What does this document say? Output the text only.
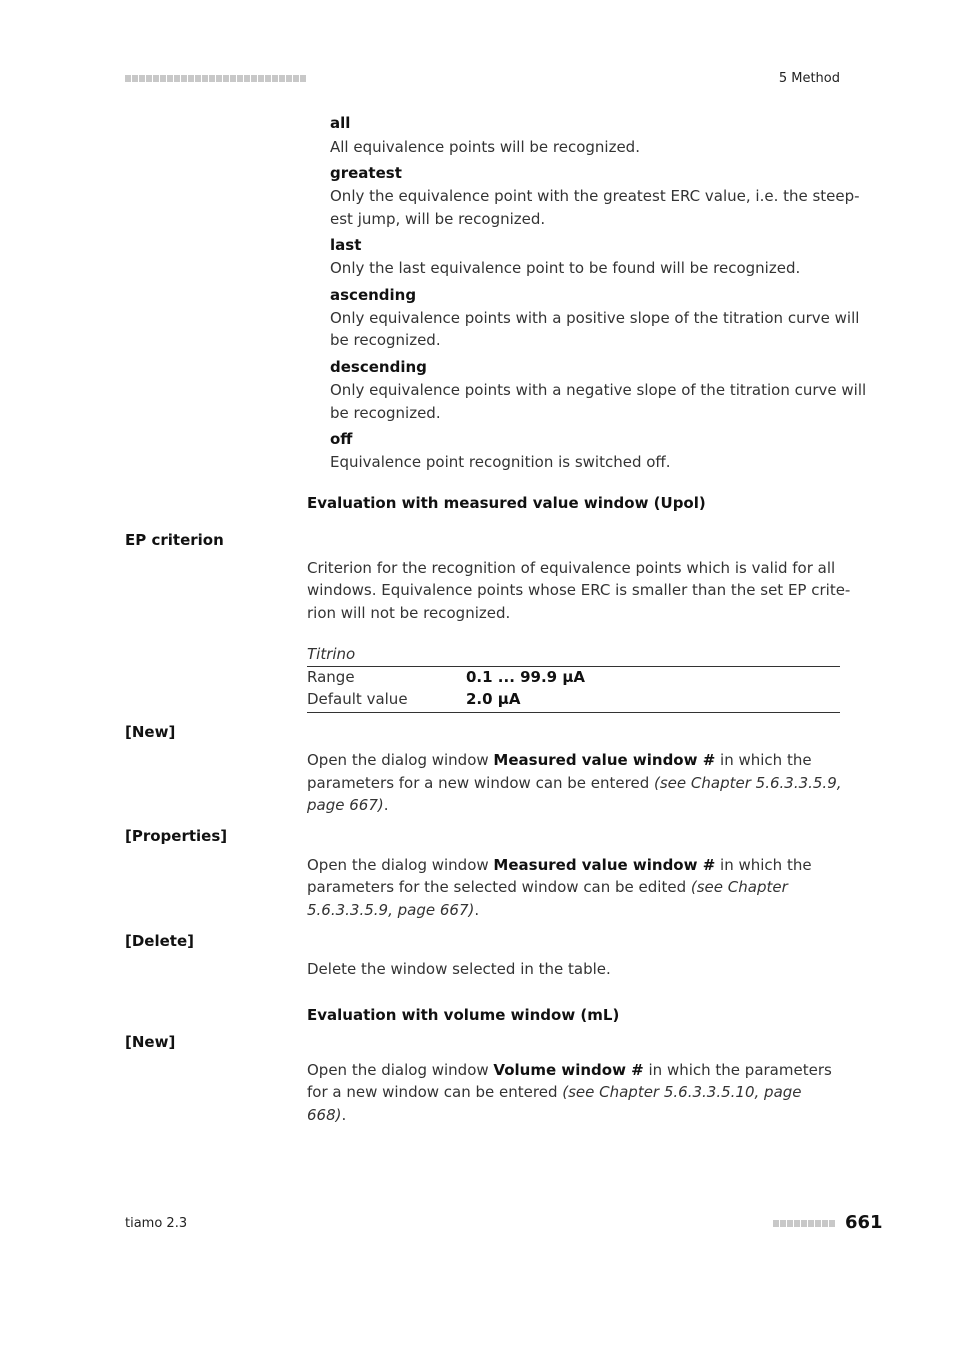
5 Method
all
All equivalence points will be recognized.
greatest
Only the equivalence point with the greatest ERC value, i.e. the steep-
est jump, will be recognized.
last
Only the last equivalence point to be found will be recognized.
ascending
Only equivalence points with a positive slope of the titration curve will
be recognized.
descending
Only equivalence points with a negative slope of the titration curve will
be recognized.
off
Equivalence point recognition is switched off.
Evaluation with measured value window (Upol)
EP criterion
Criterion for the recognition of equivalence points which is valid for all
windows. Equivalence points whose ERC is smaller than the set EP crite-
rion will not be recognized.
Titrino
Range	0.1 ... 99.9 µA
Default value	2.0 µA
[New]
Open the dialog window Measured value window # in which the
parameters for a new window can be entered (see Chapter 5.6.3.3.5.9,
page 667).
[Properties]
Open the dialog window Measured value window # in which the
parameters for the selected window can be edited (see Chapter
5.6.3.3.5.9, page 667).
[Delete]
Delete the window selected in the table.
Evaluation with volume window (mL)
[New]
Open the dialog window Volume window # in which the parameters
for a new window can be entered (see Chapter 5.6.3.3.5.10, page
668).
tiamo 2.3	661
